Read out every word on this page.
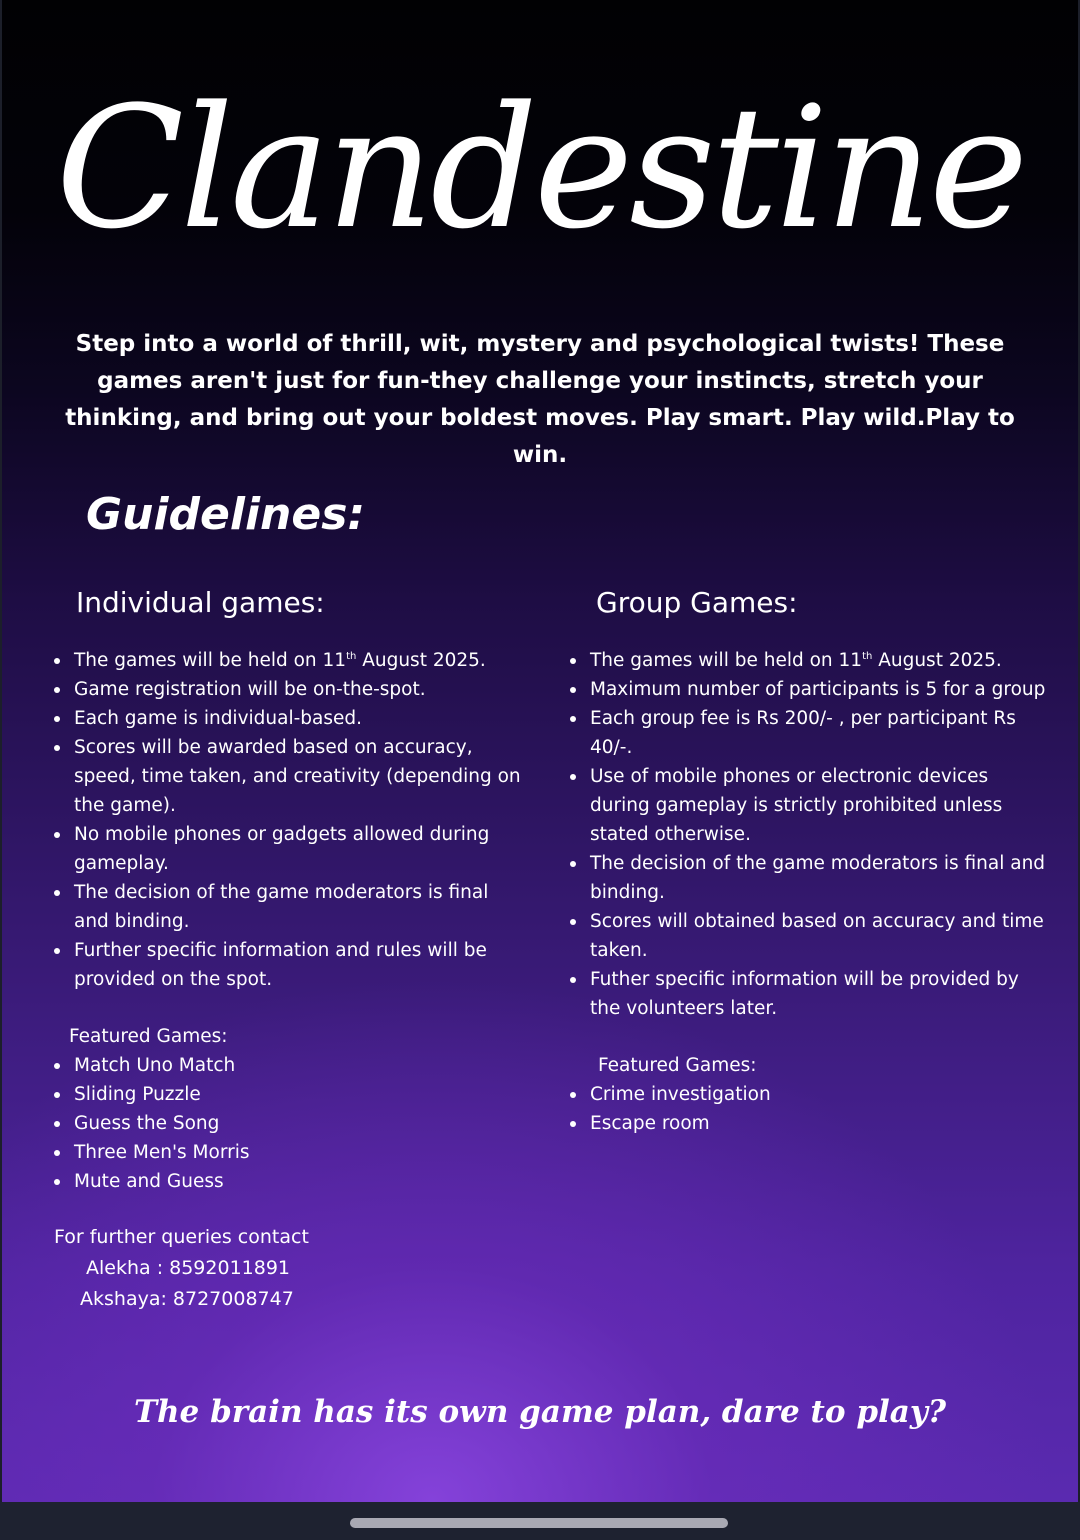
Clandestine

Step into a world of thrill, wit, mystery and psychological twists! These games aren't just for fun-they challenge your instincts, stretch your thinking, and bring out your boldest moves. Play smart. Play wild.Play to win.

Guidelines:
Individual games:
The games will be held on 11th August 2025.
Game registration will be on-the-spot.
Each game is individual-based.
Scores will be awarded based on accuracy, speed, time taken, and creativity (depending on the game).
No mobile phones or gadgets allowed during gameplay.
The decision of the game moderators is final and binding.
Further specific information and rules will be provided on the spot.
Featured Games:
Match Uno Match
Sliding Puzzle
Guess the Song
Three Men's Morris
Mute and Guess
Group Games:
The games will be held on 11th August 2025.
Maximum number of participants is 5 for a group
Each group fee is Rs 200/- , per participant Rs 40/-.
Use of mobile phones or electronic devices during gameplay is strictly prohibited unless stated otherwise.
The decision of the game moderators is final and binding.
Scores will obtained based on accuracy and time taken.
Futher specific information will be provided by the volunteers later.
Featured Games:
Crime investigation
Escape room
For further queries contact
Alekha : 8592011891
Akshaya: 8727008747
The brain has its own game plan, dare to play?
